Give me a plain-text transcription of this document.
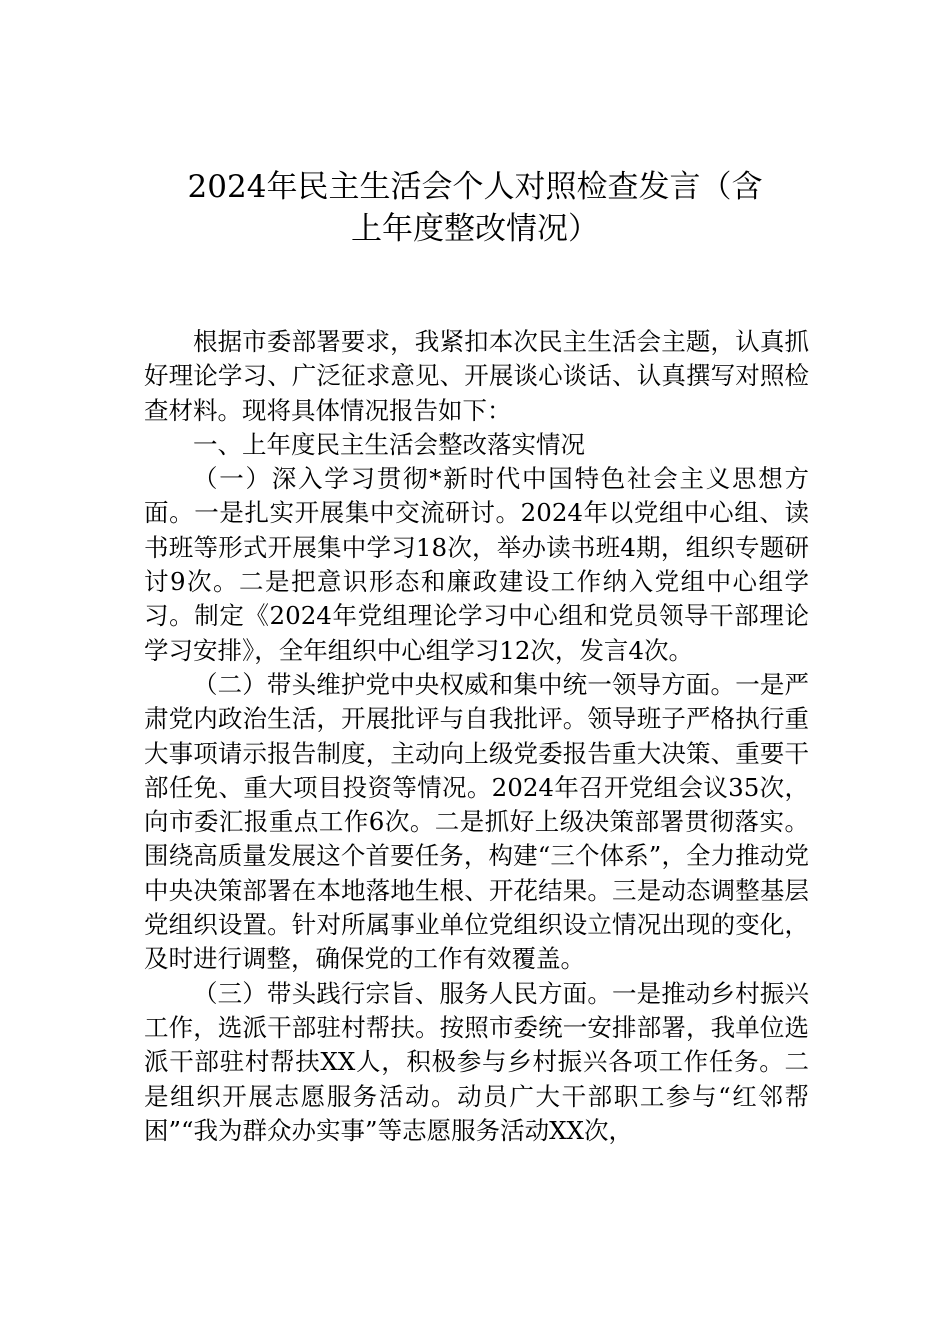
2024年民主生活会个人对照检查发言（含
上年度整改情况）

根据市委部署要求，我紧扣本次民主生活会主题，认真抓好理论学习、广泛征求意见、开展谈心谈话、认真撰写对照检查材料。现将具体情况报告如下：

一、上年度民主生活会整改落实情况

（一）深入学习贯彻*新时代中国特色社会主义思想方面。一是扎实开展集中交流研讨。2024年以党组中心组、读书班等形式开展集中学习18次，举办读书班4期，组织专题研讨9次。二是把意识形态和廉政建设工作纳入党组中心组学习。制定《2024年党组理论学习中心组和党员领导干部理论学习安排》，全年组织中心组学习12次，发言4次。

（二）带头维护党中央权威和集中统一领导方面。一是严肃党内政治生活，开展批评与自我批评。领导班子严格执行重大事项请示报告制度，主动向上级党委报告重大决策、重要干部任免、重大项目投资等情况。2024年召开党组会议35次，向市委汇报重点工作6次。二是抓好上级决策部署贯彻落实。围绕高质量发展这个首要任务，构建“三个体系”，全力推动党中央决策部署在本地落地生根、开花结果。三是动态调整基层党组织设置。针对所属事业单位党组织设立情况出现的变化，及时进行调整，确保党的工作有效覆盖。

（三）带头践行宗旨、服务人民方面。一是推动乡村振兴工作，选派干部驻村帮扶。按照市委统一安排部署，我单位选派干部驻村帮扶XX人，积极参与乡村振兴各项工作任务。二是组织开展志愿服务活动。动员广大干部职工参与“红邻帮困”“我为群众办实事”等志愿服务活动XX次，
